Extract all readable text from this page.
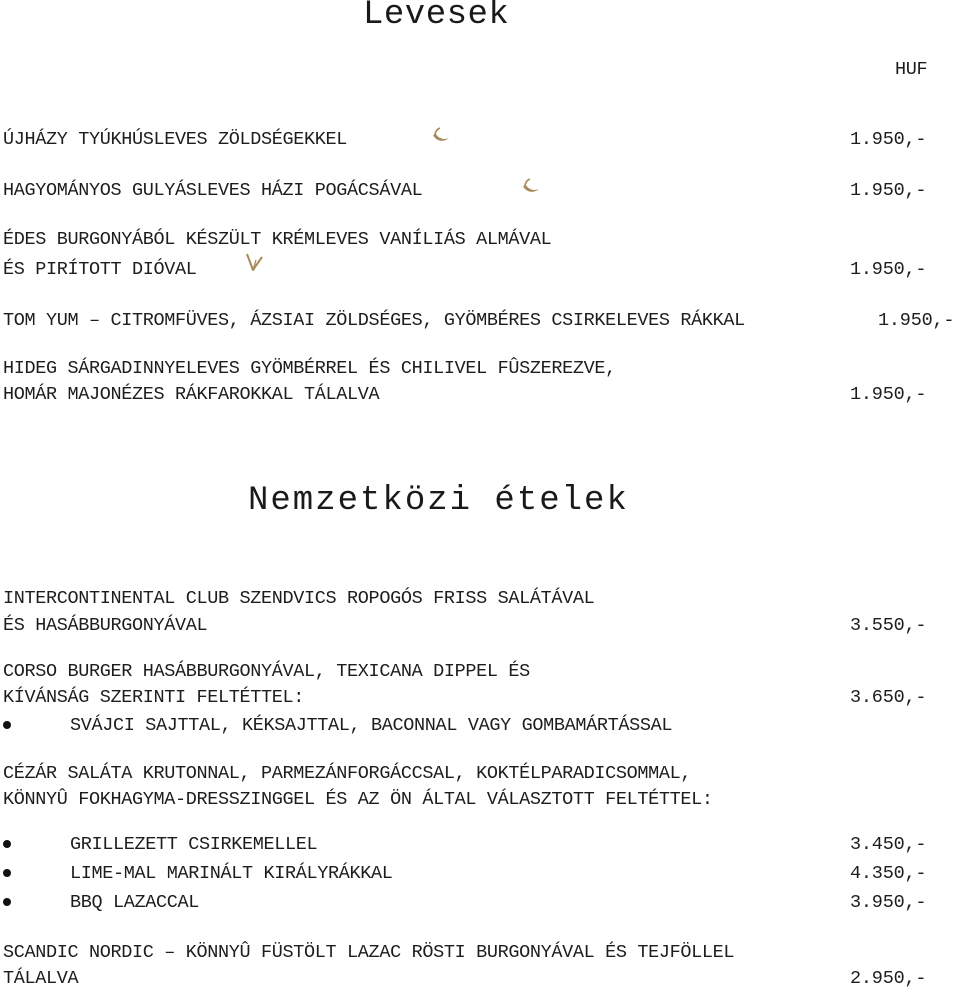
Levesek
HUF
ÚJHÁZY TYÚKHÚSLEVES ZÖLDSÉGEKKEL	1.950,-
HAGYOMÁNYOS GULYÁSLEVES HÁZI POGÁCSÁVAL	1.950,-
ÉDES BURGONYÁBÓL KÉSZÜLT KRÉMLEVES VANÍLIÁS ALMÁVAL
ÉS PIRÍTOTT DIÓVAL	1.950,-
TOM YUM – CITROMFÜVES, ÁZSIAI ZÖLDSÉGES, GYÖMBÉRES CSIRKELEVES RÁKKAL	1.950,-
HIDEG SÁRGADINNYELEVES GYÖMBÉRREL ÉS CHILIVEL FÛSZEREZVE,
HOMÁR MAJONÉZES RÁKFAROKKAL TÁLALVA	1.950,-
Nemzetközi ételek
INTERCONTINENTAL CLUB SZENDVICS ROPOGÓS FRISS SALÁTÁVAL
ÉS HASÁBBURGONYÁVAL	3.550,-
CORSO BURGER HASÁBBURGONYÁVAL, TEXICANA DIPPEL ÉS
KÍVÁNSÁG SZERINTI FELTÉTTEL:	3.650,-
SVÁJCI SAJTTAL, KÉKSAJTTAL, BACONNAL VAGY GOMBAMÁRTÁSSAL
CÉZÁR SALÁTA KRUTONNAL, PARMEZÁNFORGÁCCSAL, KOKTÉLPARADICSOMMAL,
KÖNNYÛ FOKHAGYMA-DRESSZINGGEL ÉS AZ ÖN ÁLTAL VÁLASZTOTT FELTÉTTEL:
GRILLEZETT CSIRKEMELLEL	3.450,-
LIME-MAL MARINÁLT KIRÁLYRÁKKAL	4.350,-
BBQ LAZACCAL	3.950,-
SCANDIC NORDIC – KÖNNYÛ FÜSTÖLT LAZAC RÖSTI BURGONYÁVAL ÉS TEJFÖLLEL
TÁLALVA	2.950,-
